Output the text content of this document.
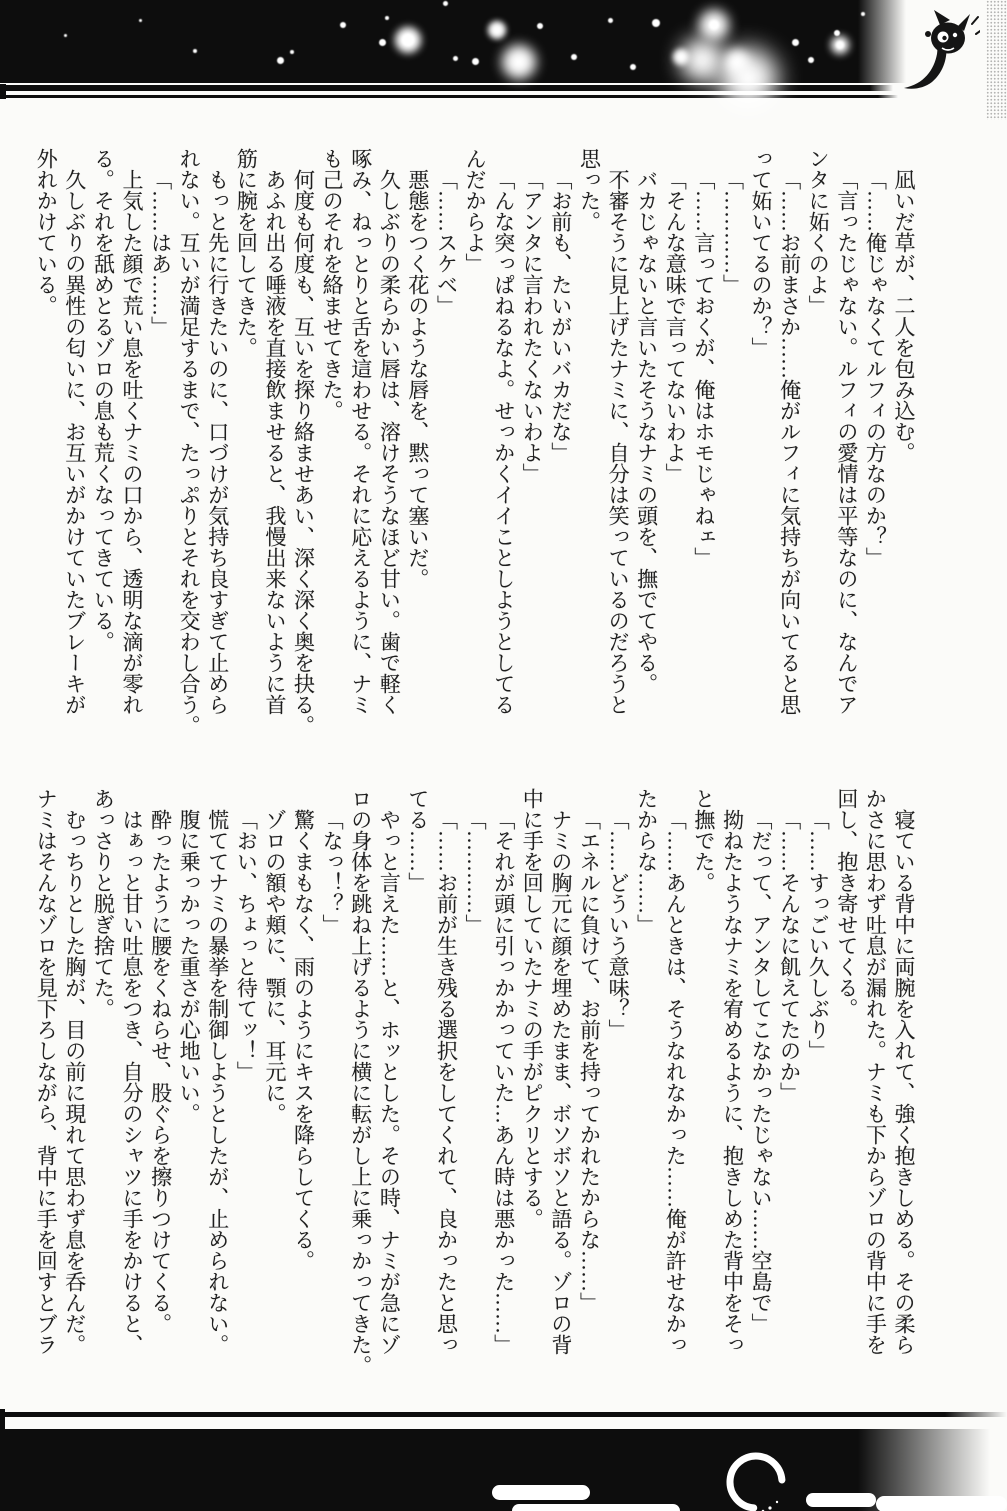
凪いだ草が、二人を包み込む。
「……俺じゃなくてルフィの方なのか？」
「言ったじゃない。ルフィの愛情は平等なのに、なんでア
ンタに妬くのよ」
「……お前まさか……俺がルフィに気持ちが向いてると思
って妬いてるのか？」
「…………」
「……言っておくが、俺はホモじゃねェ」
「そんな意味で言ってないわよ」
バカじゃないと言いたそうなナミの頭を、撫でてやる。
不審そうに見上げたナミに、自分は笑っているのだろうと
思った。
「お前も、たいがいバカだな」
「アンタに言われたくないわよ」
「んな突っぱねるなよ。せっかくイイことしようとしてる
んだからよ」
「……スケベ」
悪態をつく花のような唇を、黙って塞いだ。
久しぶりの柔らかい唇は、溶けそうなほど甘い。歯で軽く
啄み、ねっとりと舌を這わせる。それに応えるように、ナミ
も己のそれを絡ませてきた。
何度も何度も、互いを探り絡ませあい、深く深く奥を抉る。
あふれ出る唾液を直接飲ませると、我慢出来ないように首
筋に腕を回してきた。
もっと先に行きたいのに、口づけが気持ち良すぎて止めら
れない。互いが満足するまで、たっぷりとそれを交わし合う。
「……はあ……」
上気した顔で荒い息を吐くナミの口から、透明な滴が零れ
る。それを舐めとるゾロの息も荒くなってきている。
久しぶりの異性の匂いに、お互いがかけていたブレーキが
外れかけている。
寝ている背中に両腕を入れて、強く抱きしめる。その柔ら
かさに思わず吐息が漏れた。ナミも下からゾロの背中に手を
回し、抱き寄せてくる。
「……すっごい久しぶり」
「……そんなに飢えてたのか」
「だって、アンタしてこなかったじゃない……空島で」
拗ねたようなナミを宥めるように、抱きしめた背中をそっ
と撫でた。
「……あんときは、そうなれなかった……俺が許せなかっ
たからな……」
「……どういう意味？」
「エネルに負けて、お前を持ってかれたからな……」
ナミの胸元に顔を埋めたまま、ボソボソと語る。ゾロの背
中に手を回していたナミの手がピクリとする。
「それが頭に引っかかっていた…あん時は悪かった……」
「…………」
「……お前が生き残る選択をしてくれて、良かったと思っ
てる……」
やっと言えた……と、ホッとした。その時、ナミが急にゾ
ロの身体を跳ね上げるように横に転がし上に乗っかってきた。
「なっ！？」
驚くまもなく、雨のようにキスを降らしてくる。
ゾロの額や頬に、顎に、耳元に。
「おい、ちょっと待てッ！」
慌ててナミの暴挙を制御しようとしたが、止められない。
腹に乗っかった重さが心地いい。
酔ったように腰をくねらせ、股ぐらを擦りつけてくる。
はぁっと甘い吐息をつき、自分のシャツに手をかけると、
あっさりと脱ぎ捨てた。
むっちりとした胸が、目の前に現れて思わず息を呑んだ。
ナミはそんなゾロを見下ろしながら、背中に手を回すとブラ
